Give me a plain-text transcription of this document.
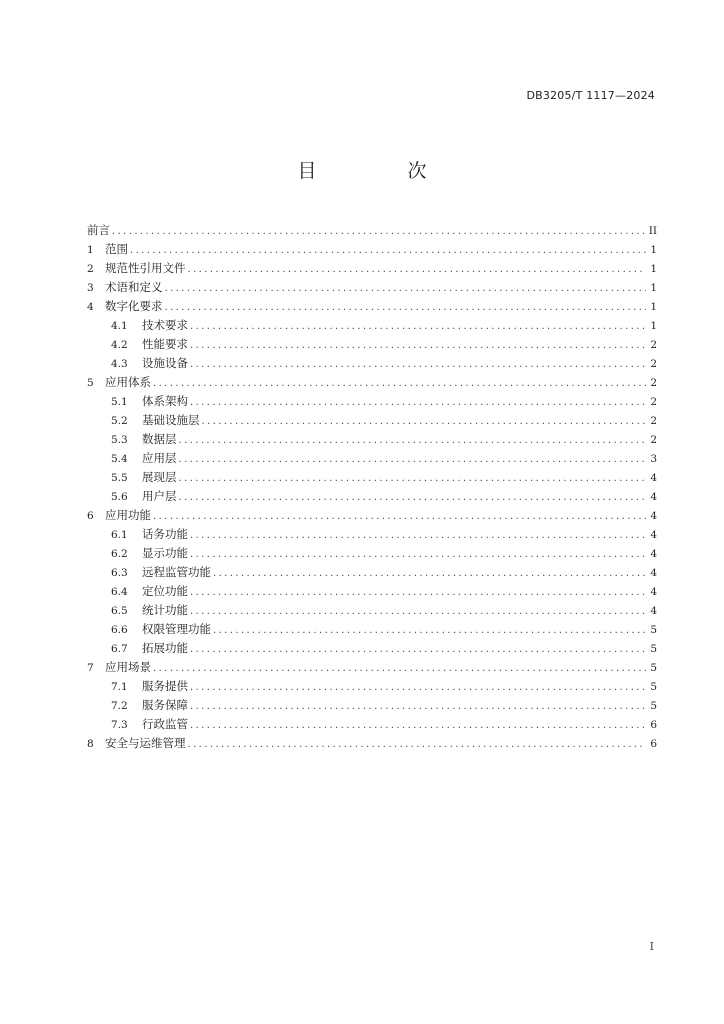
DB3205/T 1117—2024
目　次
前言 .....	II
1 范围 .....	1
2 规范性引用文件 .....	1
3 术语和定义 .....	1
4 数字化要求 .....	1
4.1	技术要求 .....	1
4.2	性能要求 .....	2
4.3	设施设备 .....	2
5 应用体系 .....	2
5.1	体系架构 .....	2
5.2	基础设施层 .....	2
5.3	数据层 .....	2
5.4	应用层 .....	3
5.5	展现层 .....	4
5.6	用户层 .....	4
6 应用功能 .....	4
6.1	话务功能 .....	4
6.2	显示功能 .....	4
6.3	远程监管功能 .....	4
6.4	定位功能 .....	4
6.5	统计功能 .....	4
6.6	权限管理功能 .....	5
6.7	拓展功能 .....	5
7 应用场景 .....	5
7.1	服务提供 .....	5
7.2	服务保障 .....	5
7.3	行政监管 .....	6
8 安全与运维管理 .....	6
I
